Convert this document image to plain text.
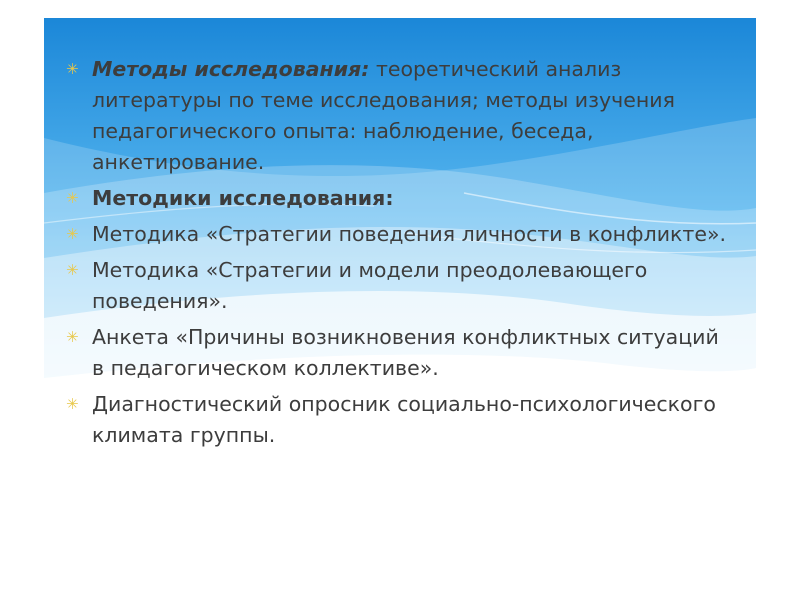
✳ Методы исследования: теоретический анализ литературы по теме исследования; методы изучения педагогического опыта: наблюдение, беседа, анкетирование.
✳ Методики исследования:
✳ Методика «Стратегии поведения личности в конфликте».
✳ Методика «Стратегии и модели преодолевающего поведения».
✳ Анкета «Причины возникновения конфликтных ситуаций в педагогическом коллективе».
✳ Диагностический опросник социально-психологического климата группы.
